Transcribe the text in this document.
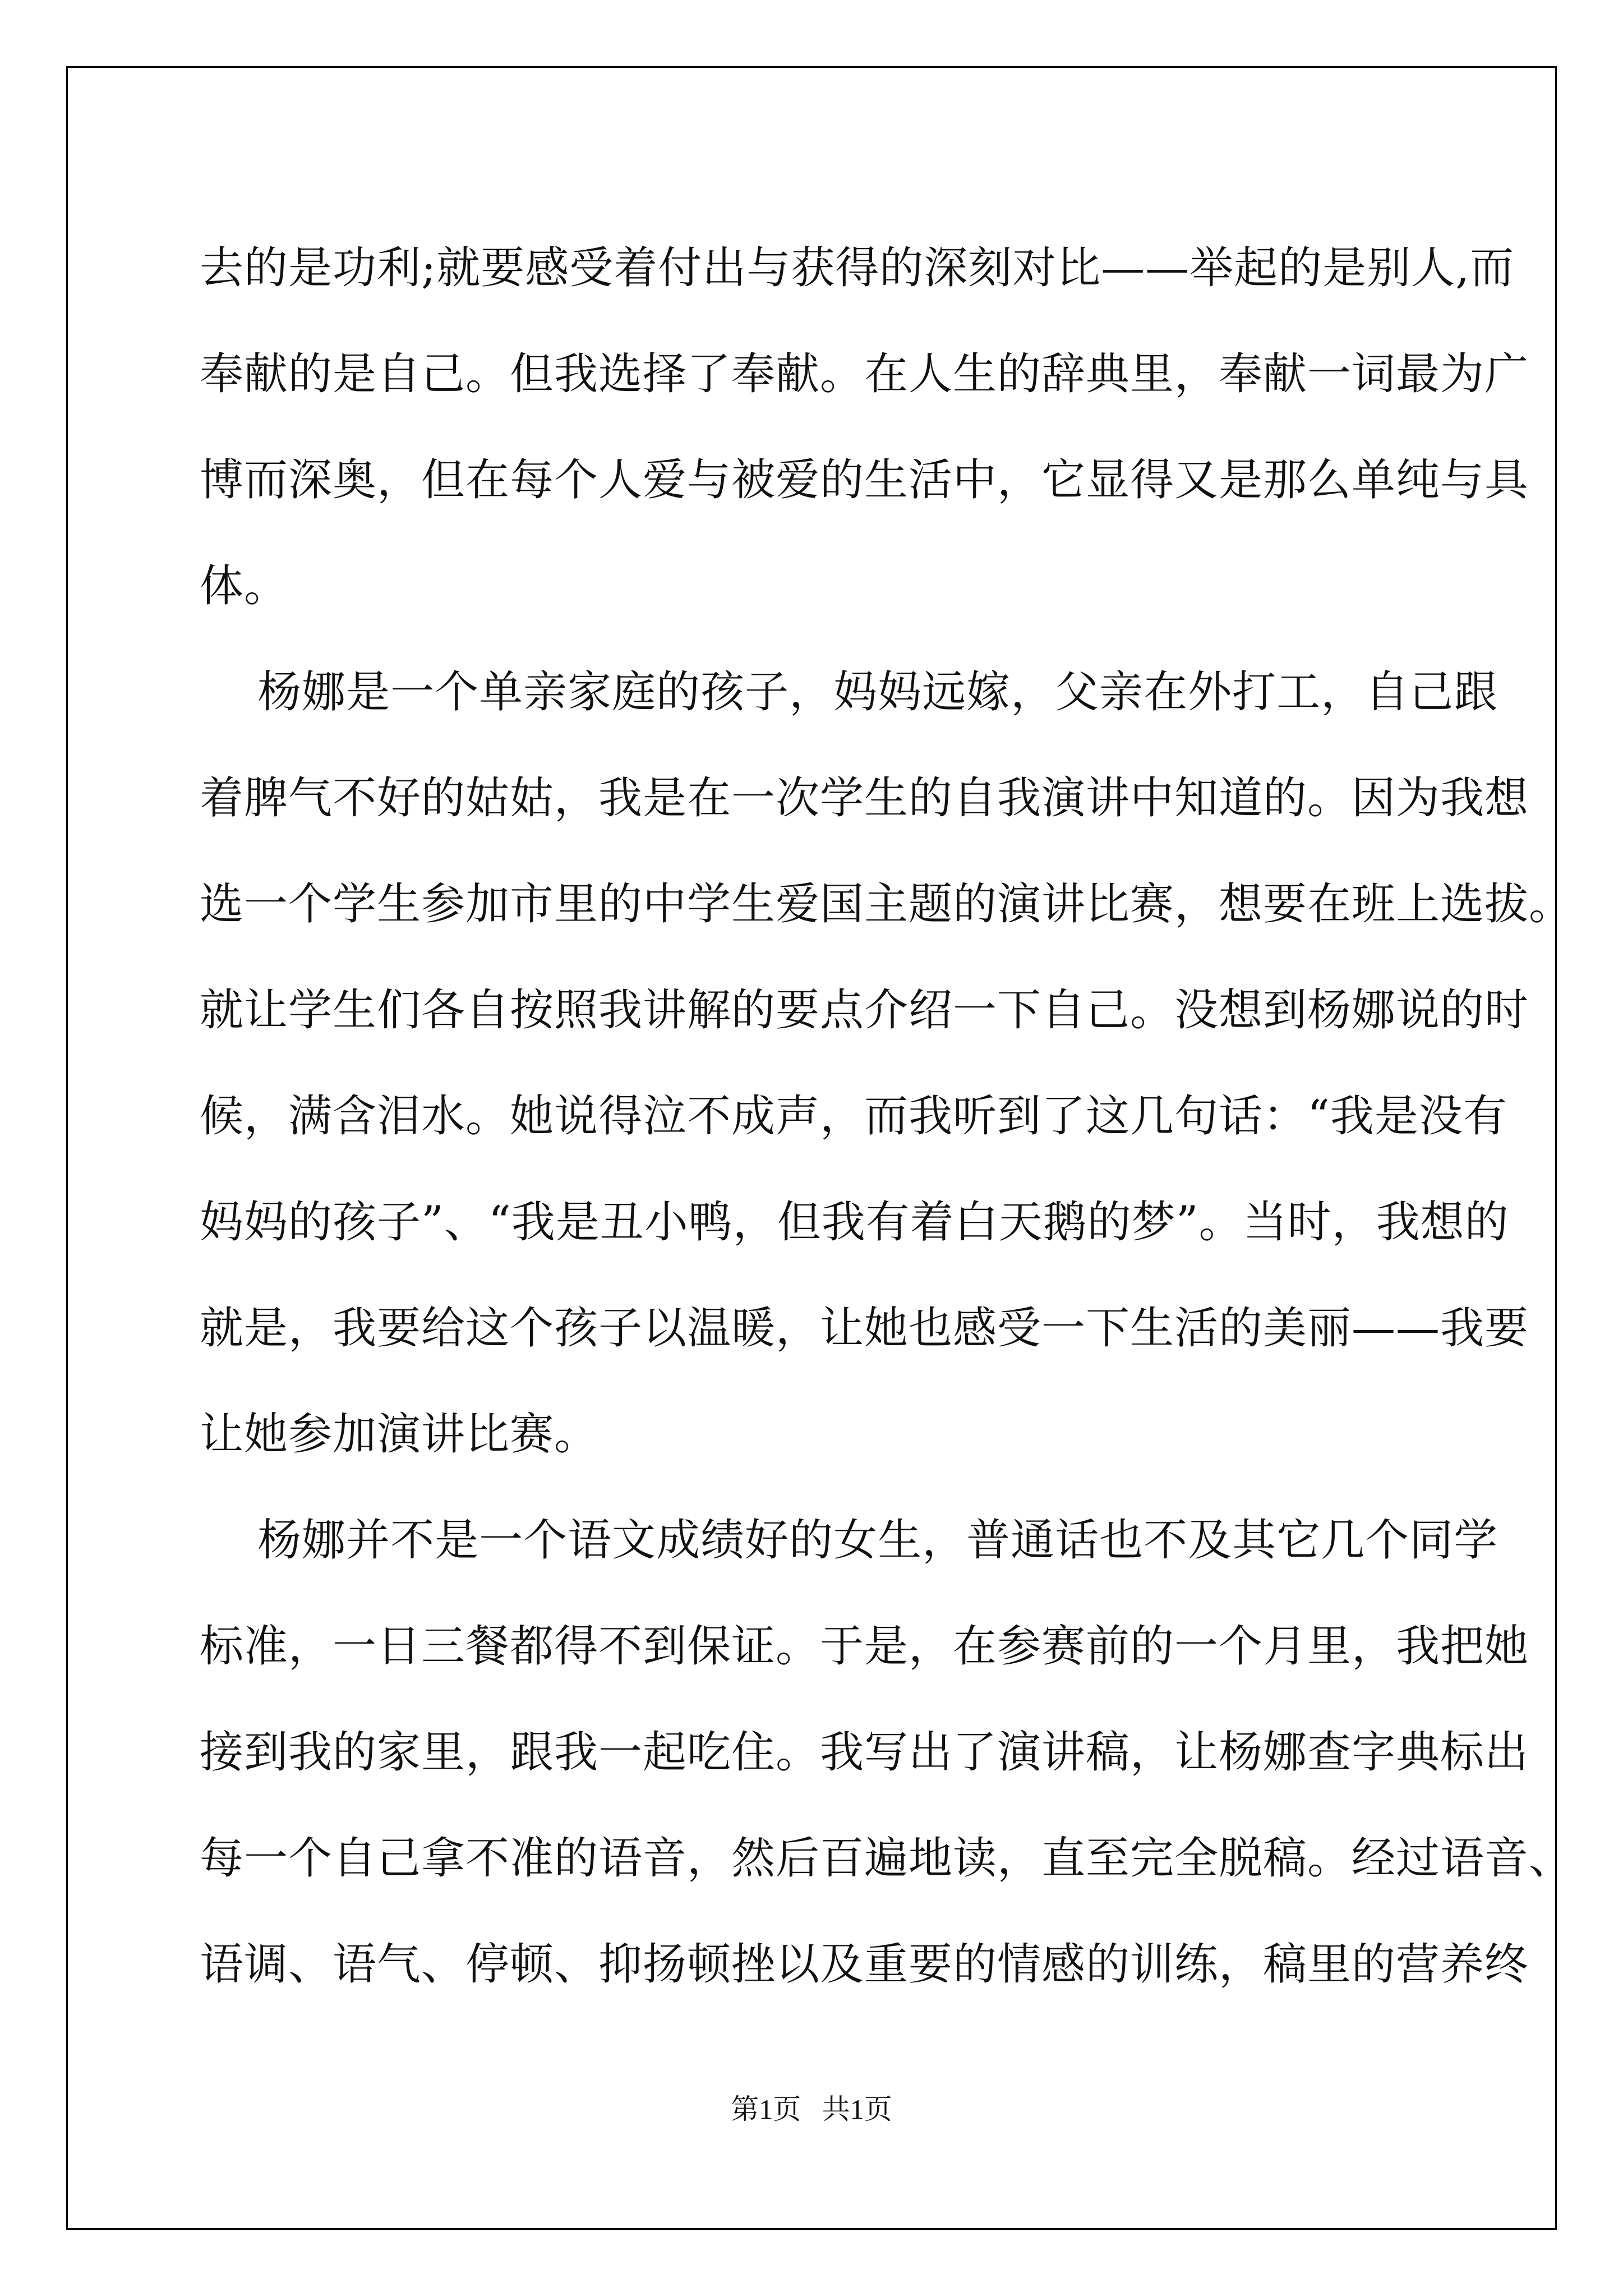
去的是功利;就要感受着付出与获得的深刻对比——举起的是别人,而
奉献的是自己。但我选择了奉献。在人生的辞典里，奉献一词最为广
博而深奥，但在每个人爱与被爱的生活中，它显得又是那么单纯与具
体。
杨娜是一个单亲家庭的孩子，妈妈远嫁，父亲在外打工，自己跟
着脾气不好的姑姑，我是在一次学生的自我演讲中知道的。因为我想
选一个学生参加市里的中学生爱国主题的演讲比赛，想要在班上选拔。
就让学生们各自按照我讲解的要点介绍一下自己。没想到杨娜说的时
候，满含泪水。她说得泣不成声，而我听到了这几句话：“我是没有
妈妈的孩子”、“我是丑小鸭，但我有着白天鹅的梦”。当时，我想的
就是，我要给这个孩子以温暖，让她也感受一下生活的美丽——我要
让她参加演讲比赛。
杨娜并不是一个语文成绩好的女生，普通话也不及其它几个同学
标准，一日三餐都得不到保证。于是，在参赛前的一个月里，我把她
接到我的家里，跟我一起吃住。我写出了演讲稿，让杨娜查字典标出
每一个自己拿不准的语音，然后百遍地读，直至完全脱稿。经过语音、
语调、语气、停顿、抑扬顿挫以及重要的情感的训练，稿里的营养终
第1页   共1页
